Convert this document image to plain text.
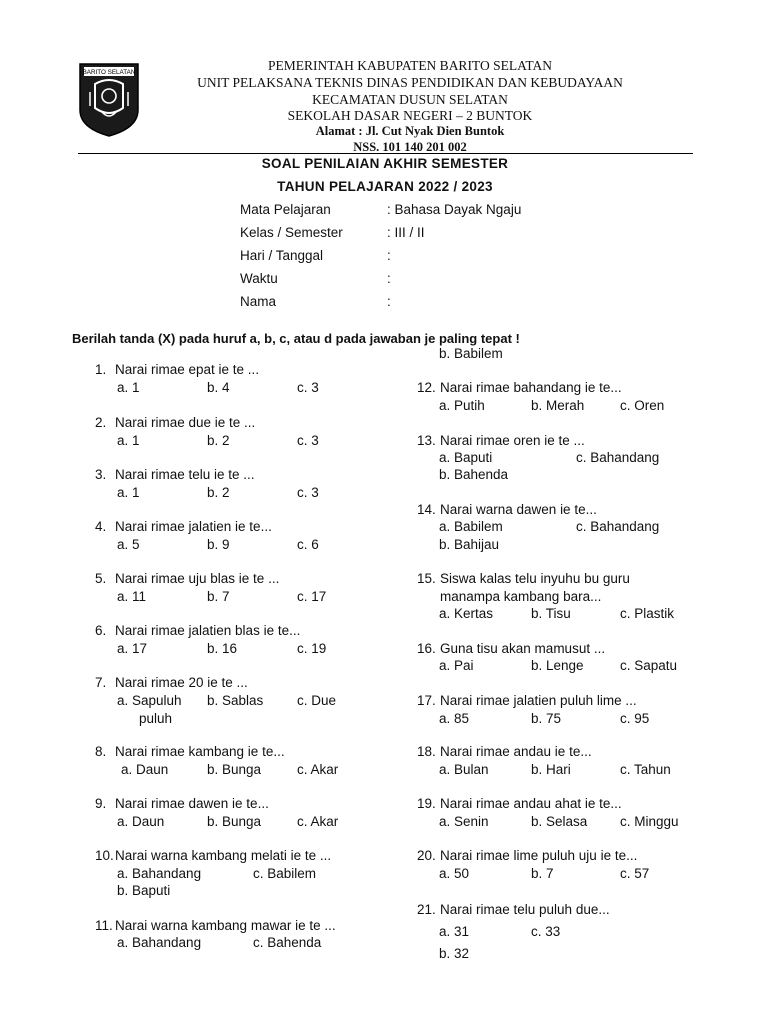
BARITO SELATAN	PEMERINTAH KABUPATEN BARITO SELATAN
UNIT PELAKSANA TEKNIS DINAS PENDIDIKAN DAN KEBUDAYAAN
KECAMATAN DUSUN SELATAN
SEKOLAH DASAR NEGERI – 2 BUNTOK
Alamat : Jl. Cut Nyak Dien Buntok
NSS. 101 140 201 002
SOAL PENILAIAN AKHIR SEMESTER
TAHUN PELAJARAN 2022 / 2023
Mata Pelajaran	: Bahasa Dayak Ngaju
Kelas / Semester	: III / II
Hari / Tanggal	:
Waktu	:
Nama	:
Berilah tanda (X) pada huruf a, b, c, atau d pada jawaban je paling tepat !
1. Narai rimae epat ie te ...
a. 1	b. 4	c. 3
2. Narai rimae due ie te ...
a. 1	b. 2	c. 3
3. Narai rimae telu ie te ...
a. 1	b. 2	c. 3
4. Narai rimae jalatien ie te...
a. 5	b. 9	c. 6
5. Narai rimae uju blas ie te ...
a. 11	b. 7	c. 17
6. Narai rimae jalatien blas ie te...
a. 17	b. 16	c. 19
7. Narai rimae 20 ie te ...
a. Sapuluh
puluh
b. Sablas c. Due
8. Narai rimae kambang ie te...
a. Daun	b. Bunga	c. Akar
9. Narai rimae dawen ie te...
a. Daun	b. Bunga	c. Akar
10. Narai warna kambang melati ie te ...
a. Bahandang	c. Babilem
b. Baputi
11. Narai warna kambang mawar ie te ...
a. Bahandang	c. Bahenda
b. Babilem
12. Narai rimae bahandang ie te...
a. Putih	b. Merah	c. Oren
13. Narai rimae oren ie te ...
a. Baputi	c. Bahandang
b. Bahenda
14. Narai warna dawen ie te...
a. Babilem	c. Bahandang
b. Bahijau
15. Siswa kalas telu inyuhu bu guru
manampa kambang bara...
a. Kertas	b. Tisu	c. Plastik
16. Guna tisu akan mamusut ...
a. Pai	b. Lenge	c. Sapatu
17. Narai rimae jalatien puluh lime ...
a. 85	b. 75	c. 95
18. Narai rimae andau ie te...
a. Bulan	b. Hari	c. Tahun
19. Narai rimae andau ahat ie te...
a. Senin	b. Selasa c. Minggu
20. Narai rimae lime puluh uju ie te...
a. 50	b. 7	c. 57
21. Narai rimae telu puluh due...
a. 31	c. 33
b. 32
